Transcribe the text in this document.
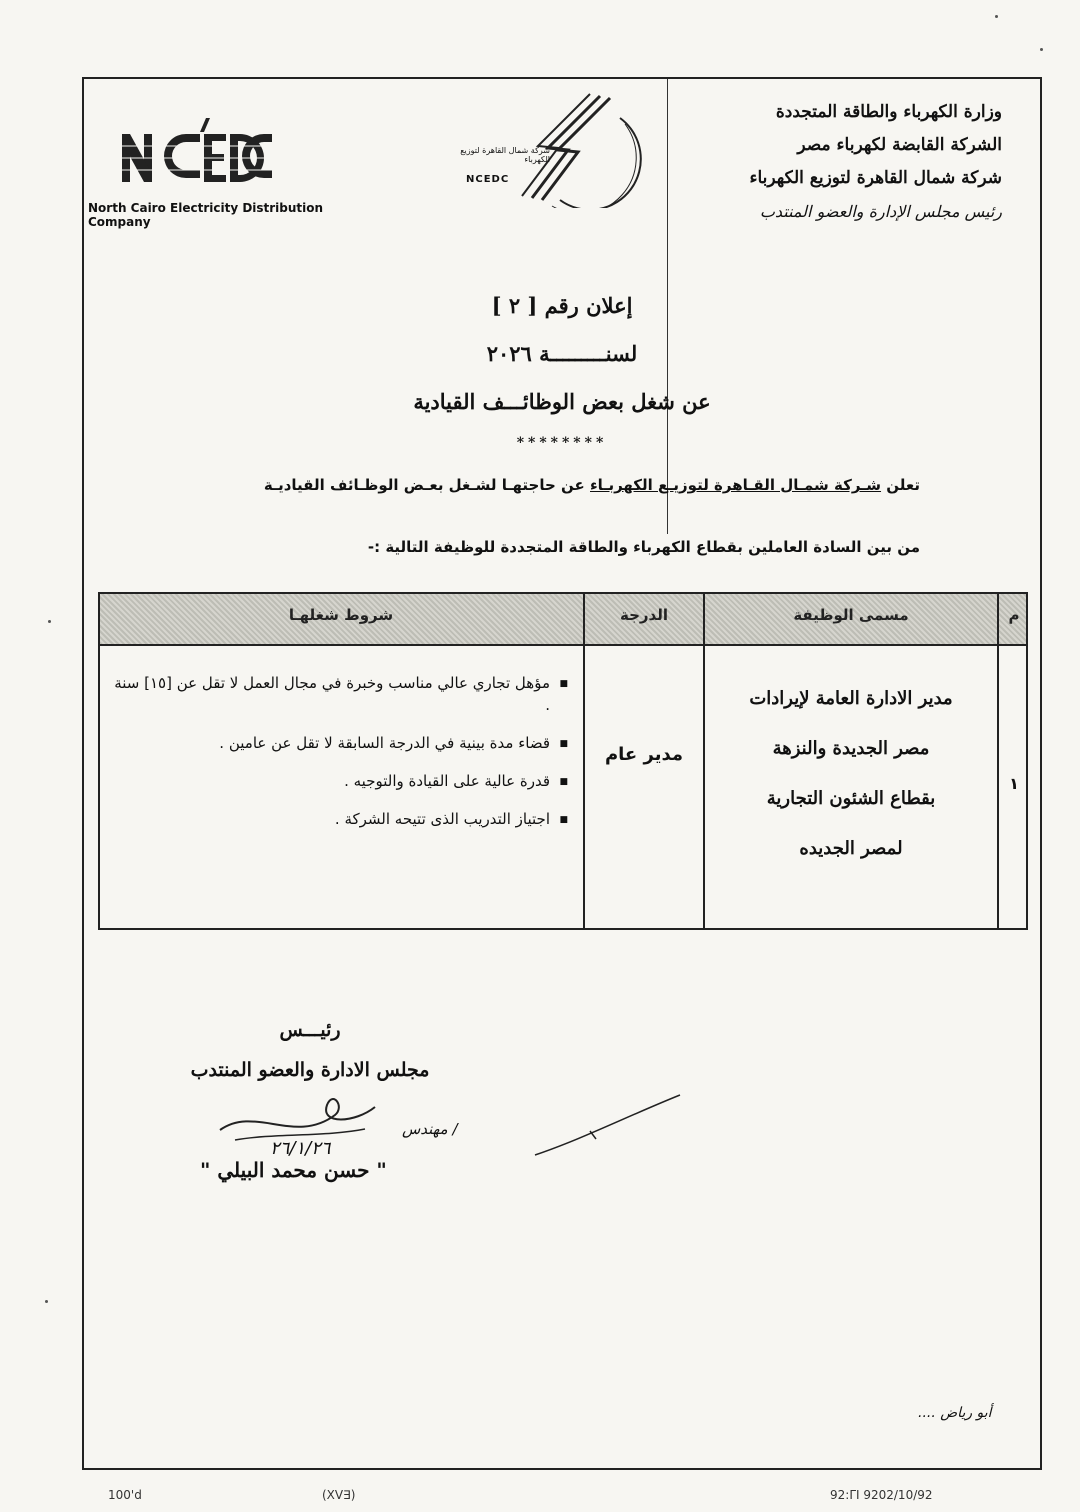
وزارة الكهرباء والطاقة المتجددة
الشركة القابضة لكهرباء مصر
شركة شمال القاهرة لتوزيع الكهرباء
رئيس مجلس الإدارة والعضو المنتدب
شركة شمال القاهرة لتوزيع الكهرباء
NCEDC
North Cairo Electricity Distribution Company
إعلان رقم [ ٢ ]
لسنـــــــــة ٢٠٢٦
عن شغل بعض الوظائـــف القيادية
********
تعلن شـركة شمـال القـاهرة لتوزيـع الكهربـاء عن حاجتهـا لشـغل بعـض الوظـائف القياديـة
من بين السادة العاملين بقطاع الكهرباء والطاقة المتجددة للوظيفة التالية :-
م
مسمى الوظيفة
الدرجة
شروط شغلهـا
١
مدير الادارة العامة لإيرادات
مصر الجديدة والنزهة
بقطاع الشئون التجارية
لمصر الجديده
مدير عام
■ مؤهل تجاري عالي مناسب وخبرة في مجال العمل لا تقل عن [١٥] سنة .
■ قضاء مدة بينية في الدرجة السابقة لا تقل عن عامين .
■ قدرة عالية على القيادة والتوجيه .
■ اجتياز التدريب الذى تتيحه الشركة .
رئيـــس
مجلس الادارة والعضو المنتدب
مهندس /
٢٦/١/٢٦
" حسن محمد البيلي "
أبو رياض ....
100'd	(XV∃)	92:ΓΙ 9202/10/92
